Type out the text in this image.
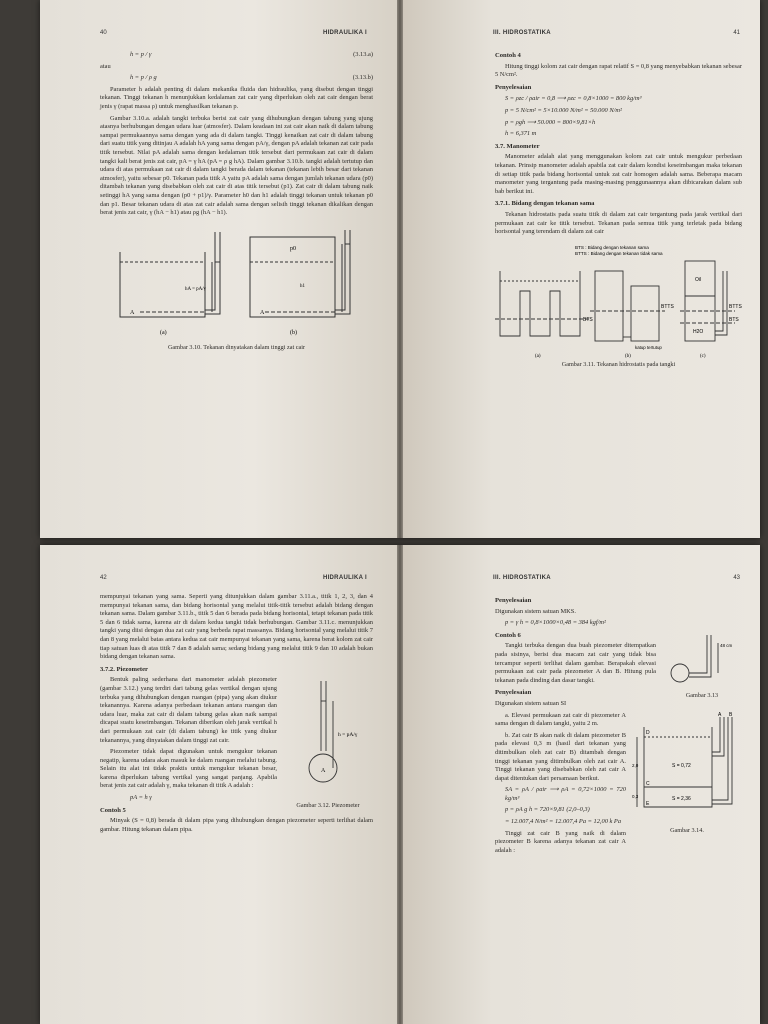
40	HIDRAULIKA I
h = p / γ	(3.13.a)

atau

h = p / ρ g	(3.13.b)

Parameter h adalah penting di dalam mekanika fluida dan hidraulika, yang disebut dengan tinggi tekanan. Tinggi tekanan h menunjukkan kedalaman zat cair yang diperlukan oleh zat cair dengan berat jenis γ (rapat massa ρ) untuk menghasilkan tekanan p.

Gambar 3.10.a. adalah tangki terbuka berisi zat cair yang dihubungkan dengan tabung yang ujung atasnya berhubungan dengan udara luar (atmosfer). Dalam keadaan ini zat cair akan naik di dalam tabung sampai permukaannya sama dengan yang ada di dalam tangki. Tinggi kenaikan zat cair di dalam tabung dari suatu titik yang ditinjau A adalah hA yang sama dengan pA/γ, dengan pA adalah tekanan zat cair pada titik tersebut. Nilai pA adalah sama dengan kedalaman titik tersebut dari permukaan zat cair di dalam tangki kali berat jenis zat cair, pA = γ hA (pA = ρ g hA). Dalam gambar 3.10.b. tangki adalah tertutup dan udara di atas permukaan zat cair di dalam tangki berada dalam tekanan (tekanan lebih besar dari tekanan atmosfer), yaitu sebesar p0. Tekanan pada titik A yaitu pA adalah sama dengan jumlah tekanan udara (p0) ditambah tekanan yang disebabkan oleh zat cair di atas titik tersebut (p1). Zat cair di dalam tabung naik setinggi hA yang sama dengan (p0 + p1)/γ. Parameter h0 dan h1 adalah tinggi tekanan untuk tekanan p0 dan p1. Besar tekanan udara di atas zat cair adalah sama dengan selisih tinggi tekanan dikalikan dengan berat jenis zat cair, γ (hA − h1) atau ρg (hA − h1).

A	A
p0
hA = pA/γ
h1
(a)	(b)
Gambar 3.10. Tekanan dinyatakan dalam tinggi zat cair
III. HIDROSTATIKA	41
Contoh 4

Hitung tinggi kolom zat cair dengan rapat relatif S = 0,8 yang menyebabkan tekanan sebesar 5 N/cm².

Penyelesaian
S = ρzc / ρair = 0,8 ⟶ ρzc = 0,8×1000 = 800 kg/m³
p = 5 N/cm² = 5×10.000 N/m² = 50.000 N/m²
p = ρgh ⟶ 50.000 = 800×9,81×h
h = 6,371 m
3.7. Manometer

Manometer adalah alat yang menggunakan kolom zat cair untuk mengukur perbedaan tekanan. Prinsip manometer adalah apabila zat cair dalam kondisi keseimbangan maka tekanan di setiap titik pada bidang horisontal untuk zat cair homogen adalah sama. Beberapa macam manometer yang tergantung pada masing-masing penggunaannya akan dibicarakan dalam sub bab berikut ini.

3.7.1. Bidang dengan tekanan sama

Tekanan hidrostatis pada suatu titik di dalam zat cair tergantung pada jarak vertikal dari permukaan zat cair ke titik tersebut. Tekanan pada semua titik yang terletak pada bidang horisontal yang terendam di dalam zat cair

BTS : Bidang dengan tekanan sama
BTTS : Bidang dengan tekanan tidak sama
BTS
BTTS
katup tertutup
Oil
H2O
BTTS
BTS
(a)	(b)	(c)
Gambar 3.11. Tekanan hidrostatis pada tangki
42	HIDRAULIKA I

mempunyai tekanan yang sama. Seperti yang ditunjukkan dalam gambar 3.11.a., titik 1, 2, 3, dan 4 mempunyai tekanan sama, dan bidang horisontal yang melalui titik-titik tersebut adalah bidang dengan tekanan sama. Dalam gambar 3.11.b., titik 5 dan 6 berada pada bidang horisontal, tetapi tekanan pada titik 5 dan 6 tidak sama, karena air di dalam kedua tangki tidak berhubungan. Gambar 3.11.c. menunjukkan tangki yang diisi dengan dua zat cair yang berbeda rapat massanya. Bidang horisontal yang melalui titik 7 dan 8 yang melalui batas antara kedua zat cair mempunyai tekanan yang sama, karena berat kolom zat cair tiap satuan luas di atas titik 7 dan 8 adalah sama; sedang bidang yang melalui titik 9 dan 10 adalah bukan bidang dengan tekanan sama.

3.7.2. Piezometer
h = pA/γ
A
Gambar 3.12. Piezometer

Bentuk paling sederhana dari manometer adalah piezometer (gambar 3.12.) yang terdiri dari tabung gelas vertikal dengan ujung terbuka yang dihubungkan dengan ruangan (pipa) yang akan diukur tekanannya. Karena adanya perbedaan tekanan antara ruangan dan udara luar, maka zat cair di dalam tabung gelas akan naik sampai dicapai suatu keseimbangan. Tekanan diberikan oleh jarak vertikal h dari permukaan zat cair (di dalam tabung) ke titik yang diukur tekanannya, yang dinyatakan dalam tinggi zat cair.

Piezometer tidak dapat digunakan untuk mengukur tekanan negatip, karena udara akan masuk ke dalam ruangan melalui tabung. Selain itu alat ini tidak praktis untuk mengukur tekanan besar, karena diperlukan tabung vertikal yang sangat panjang. Apabila berat jenis zat cair adalah γ, maka tekanan di titik A adalah :

pA = h γ
Contoh 5

Minyak (S = 0,8) berada di dalam pipa yang dihubungkan dengan piezometer seperti terlihat dalam gambar. Hitung tekanan dalam pipa.

III. HIDROSTATIKA	43
Penyelesaian

Digunakan sistem satuan MKS.

p = γ h = 0,8×1000×0,48 = 384 kgf/m²
48 cm
Gambar 3.13
Contoh 6

Tangki terbuka dengan dua buah piezometer ditempatkan pada sisinya, berisi dua macam zat cair yang tidak bisa tercampur seperti terlihat dalam gambar. Berapakah elevasi permukaan zat cair pada piezometer A dan B. Hitung pula tekanan pada dinding dan dasar tangki.

Penyelesaian

Digunakan sistem satuan SI

S = 0,72
S = 2,36
A B
D
C
E
2,0
0,3
Gambar 3.14.

a. Elevasi permukaan zat cair di piezometer A sama dengan di dalam tangki, yaitu 2 m.

b. Zat cair B akan naik di dalam piezometer B pada elevasi 0,3 m (hasil dari tekanan yang ditimbulkan oleh zat cair B) ditambah dengan tinggi tekanan yang ditimbulkan oleh zat cair A. Tinggi tekanan yang disebabkan oleh zat cair A dapat ditentukan dari persamaan berikut.

SA = ρA / ρair ⟶ ρA = 0,72×1000 = 720 kg/m³
p = ρA g h = 720×9,81 (2,0–0,3)
= 12.007,4 N/m² = 12.007,4 Pa = 12,00 k Pa

Tinggi zat cair B yang naik di dalam piezometer B karena adanya tekanan zat cair A adalah :
